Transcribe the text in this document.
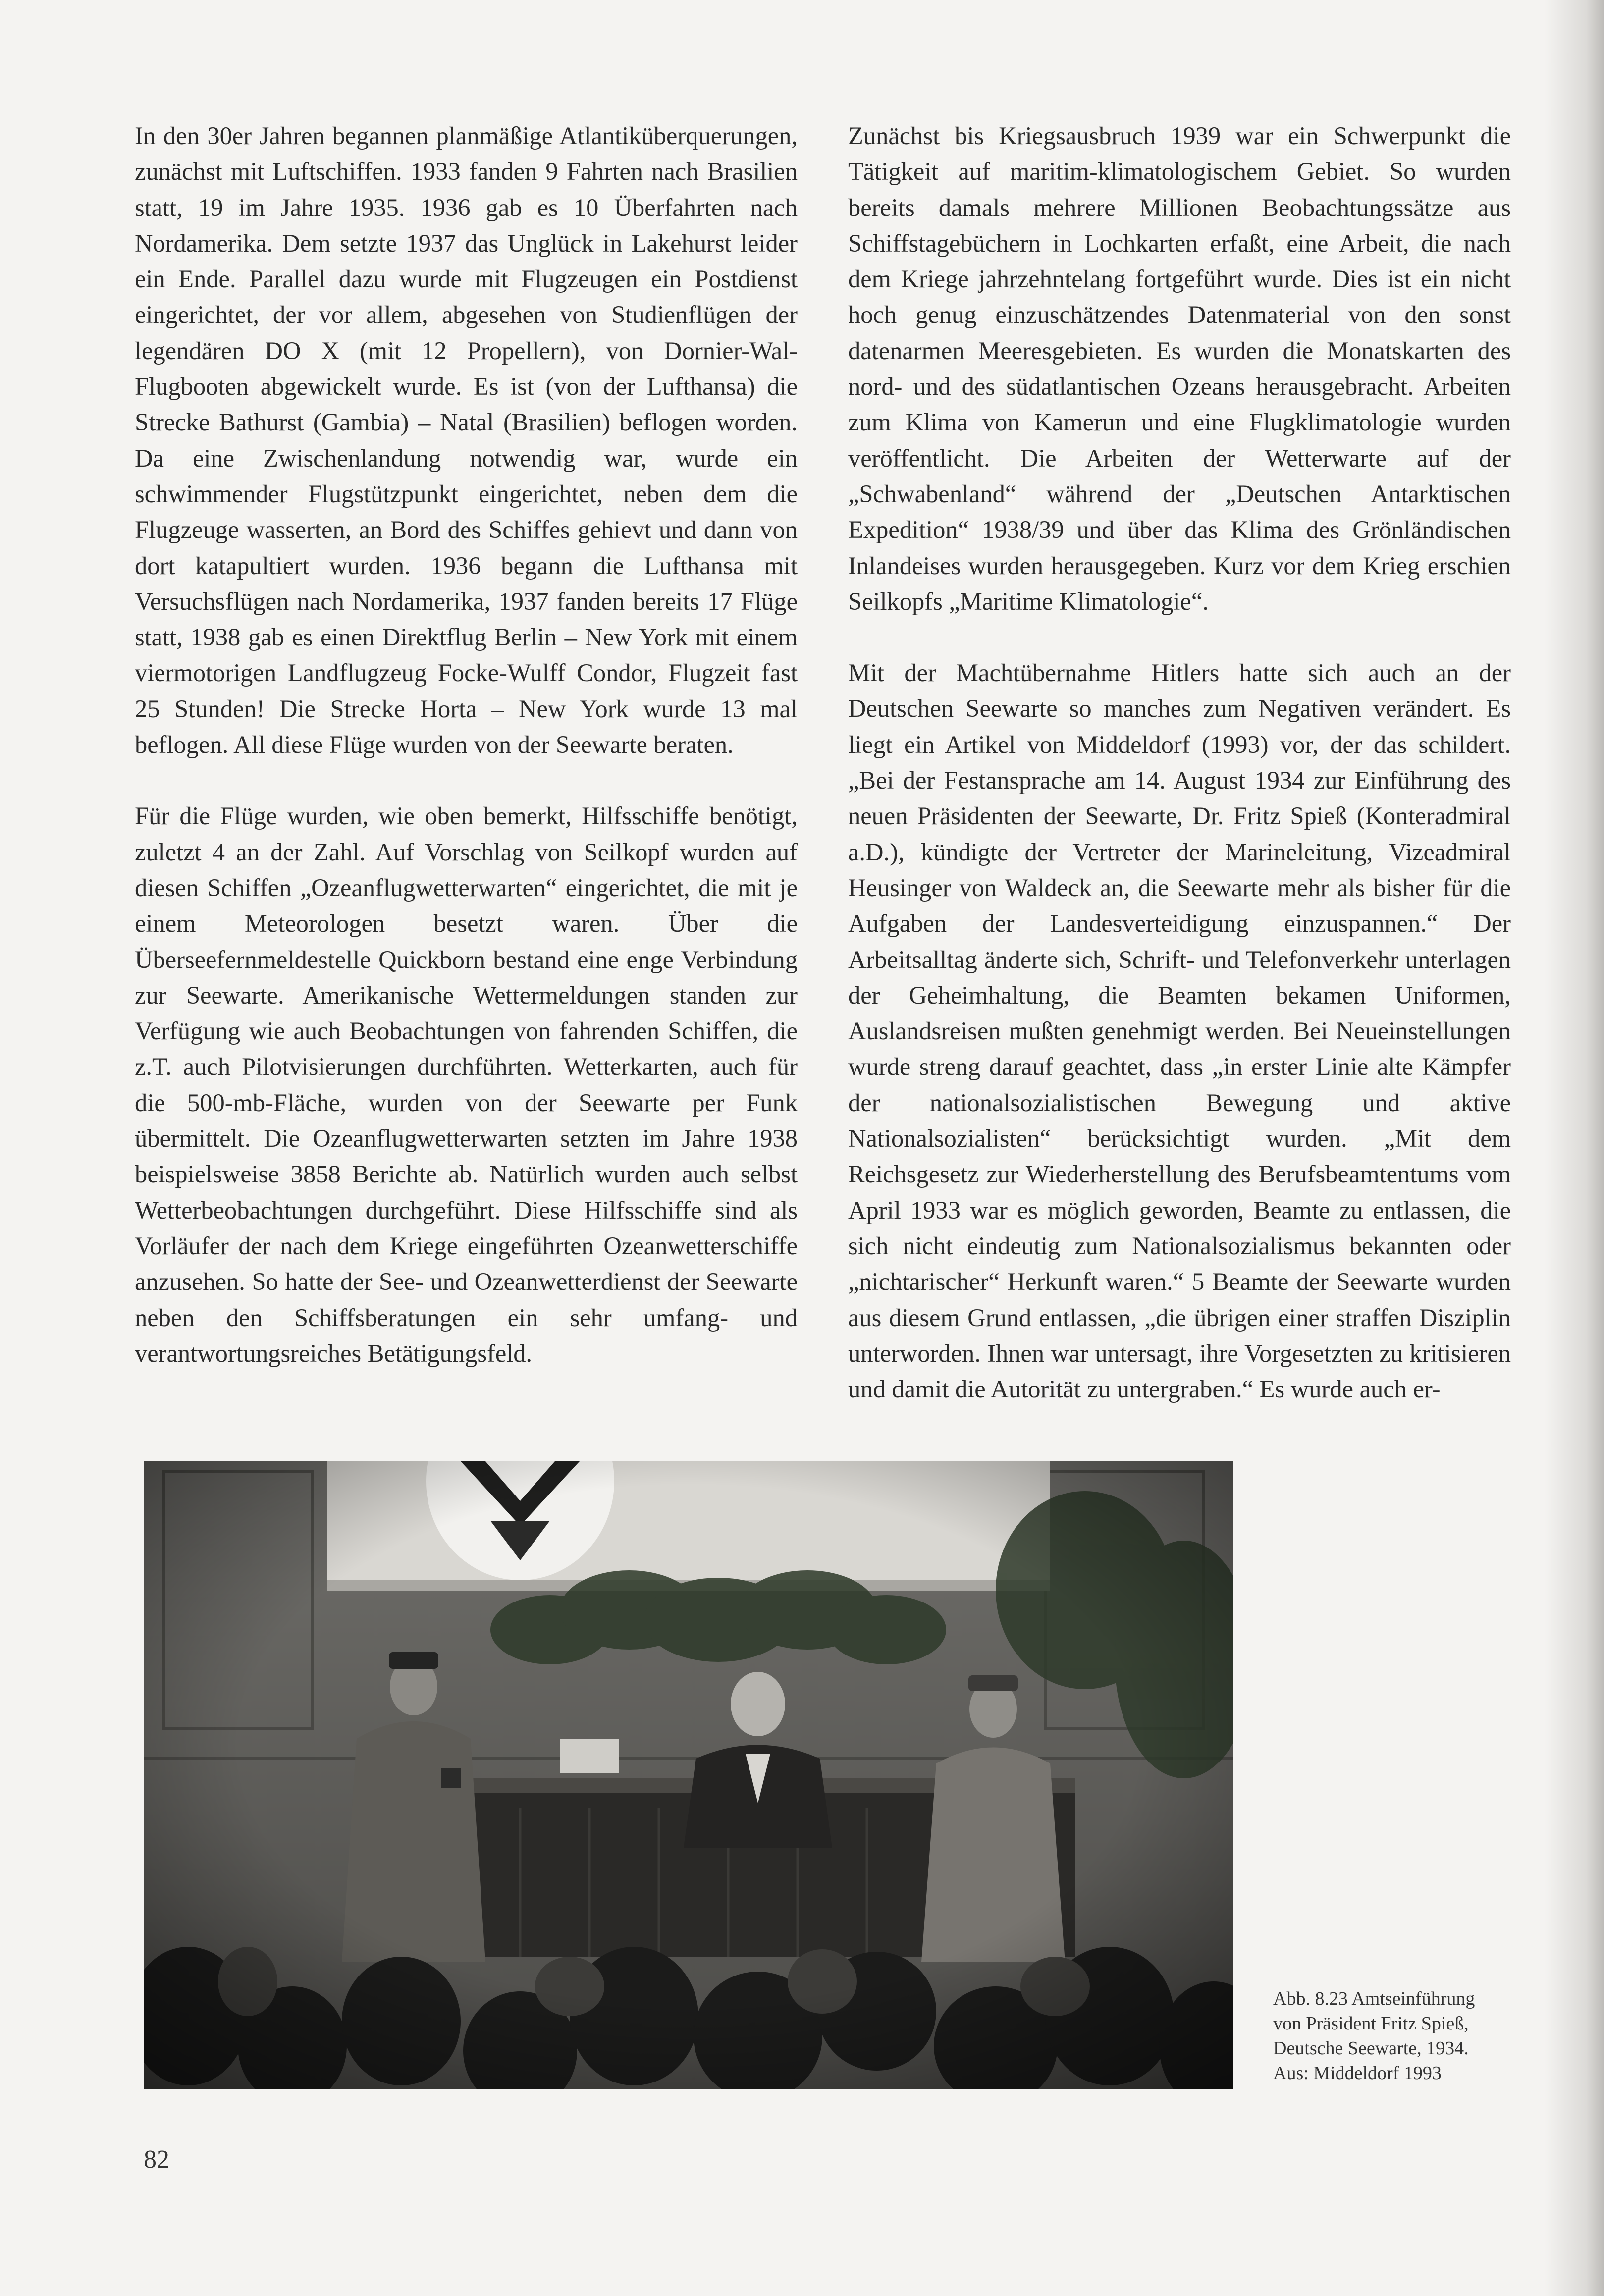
In den 30er Jahren begannen planmäßige Atlantiküberquerungen, zunächst mit Luftschiffen. 1933 fanden 9 Fahrten nach Brasilien statt, 19 im Jahre 1935. 1936 gab es 10 Überfahrten nach Nordamerika. Dem setzte 1937 das Unglück in Lakehurst leider ein Ende. Parallel dazu wurde mit Flugzeugen ein Postdienst eingerichtet, der vor allem, abgesehen von Studienflügen der legendären DO X (mit 12 Propellern), von Dornier-Wal-Flugbooten abgewickelt wurde. Es ist (von der Lufthansa) die Strecke Bathurst (Gambia) – Natal (Brasilien) beflogen worden. Da eine Zwischenlandung notwendig war, wurde ein schwimmender Flugstützpunkt eingerichtet, neben dem die Flugzeuge wasserten, an Bord des Schiffes gehievt und dann von dort katapultiert wurden. 1936 begann die Lufthansa mit Versuchsflügen nach Nordamerika, 1937 fanden bereits 17 Flüge statt, 1938 gab es einen Direktflug Berlin – New York mit einem viermotorigen Landflugzeug Focke-Wulff Condor, Flugzeit fast 25 Stunden! Die Strecke Horta – New York wurde 13 mal beflogen. All diese Flüge wurden von der Seewarte beraten.

Für die Flüge wurden, wie oben bemerkt, Hilfsschiffe benötigt, zuletzt 4 an der Zahl. Auf Vorschlag von Seilkopf wurden auf diesen Schiffen „Ozeanflugwetterwarten“ eingerichtet, die mit je einem Meteorologen besetzt waren. Über die Überseefernmeldestelle Quickborn bestand eine enge Verbindung zur Seewarte. Amerikanische Wettermeldungen standen zur Verfügung wie auch Beobachtungen von fahrenden Schiffen, die z.T. auch Pilotvisierungen durchführten. Wetterkarten, auch für die 500-mb-Fläche, wurden von der Seewarte per Funk übermittelt. Die Ozeanflugwetterwarten setzten im Jahre 1938 beispielsweise 3858 Berichte ab. Natürlich wurden auch selbst Wetterbeobachtungen durchgeführt. Diese Hilfsschiffe sind als Vorläufer der nach dem Kriege eingeführten Ozeanwetterschiffe anzusehen. So hatte der See- und Ozeanwetterdienst der Seewarte neben den Schiffsberatungen ein sehr umfang- und verantwortungsreiches Betätigungsfeld.

Zunächst bis Kriegsausbruch 1939 war ein Schwerpunkt die Tätigkeit auf maritim-klimatologischem Gebiet. So wurden bereits damals mehrere Millionen Beobachtungssätze aus Schiffstagebüchern in Lochkarten erfaßt, eine Arbeit, die nach dem Kriege jahrzehntelang fortgeführt wurde. Dies ist ein nicht hoch genug einzuschätzendes Datenmaterial von den sonst datenarmen Meeresgebieten. Es wurden die Monatskarten des nord- und des südatlantischen Ozeans herausgebracht. Arbeiten zum Klima von Kamerun und eine Flugklimatologie wurden veröffentlicht. Die Arbeiten der Wetterwarte auf der „Schwabenland“ während der „Deutschen Antarktischen Expedition“ 1938/39 und über das Klima des Grönländischen Inlandeises wurden herausgegeben. Kurz vor dem Krieg erschien Seilkopfs „Maritime Klimatologie“.

Mit der Machtübernahme Hitlers hatte sich auch an der Deutschen Seewarte so manches zum Negativen verändert. Es liegt ein Artikel von Middeldorf (1993) vor, der das schildert. „Bei der Festansprache am 14. August 1934 zur Einführung des neuen Präsidenten der Seewarte, Dr. Fritz Spieß (Konteradmiral a.D.), kündigte der Vertreter der Marineleitung, Vizeadmiral Heusinger von Waldeck an, die Seewarte mehr als bisher für die Aufgaben der Landesverteidigung einzuspannen.“ Der Arbeitsalltag änderte sich, Schrift- und Telefonverkehr unterlagen der Geheimhaltung, die Beamten bekamen Uniformen, Auslandsreisen mußten genehmigt werden. Bei Neueinstellungen wurde streng darauf geachtet, dass „in erster Linie alte Kämpfer der nationalsozialistischen Bewegung und aktive Nationalsozialisten“ berücksichtigt wurden. „Mit dem Reichsgesetz zur Wiederherstellung des Berufsbeamtentums vom April 1933 war es möglich geworden, Beamte zu entlassen, die sich nicht eindeutig zum Nationalsozialismus bekannten oder „nichtarischer“ Herkunft waren.“ 5 Beamte der Seewarte wurden aus diesem Grund entlassen, „die übrigen einer straffen Disziplin unterworden. Ihnen war untersagt, ihre Vorgesetzten zu kritisieren und damit die Autorität zu untergraben.“ Es wurde auch er-

Abb. 8.23 Amtseinführung
von Präsident Fritz Spieß,
Deutsche Seewarte, 1934.
Aus: Middeldorf 1993
82
